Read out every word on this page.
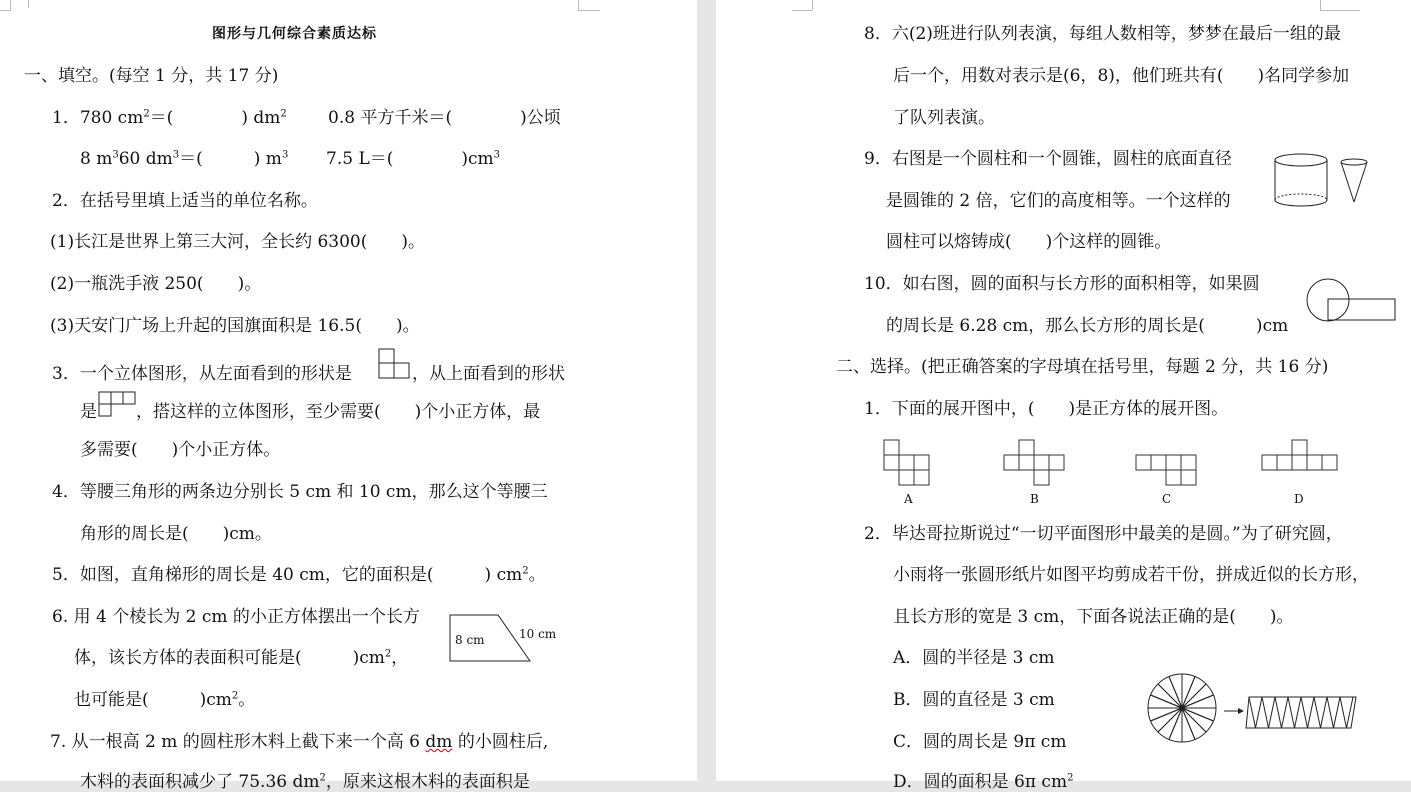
图形与几何综合素质达标
一、填空。(每空 1 分，共 17 分)
1．780 $cm^2=$(　　　　) $dm^2$ 0.8 平方千米＝(　　　　)公顷
8 $m^360$ $dm^3=$(　　　) $m^3$ 7.5 L＝(　　　　)$cm^3$
2．在括号里填上适当的单位名称。
(1)长江是世界上第三大河，全长约 6300(　　)。
(2)一瓶洗手液 250(　　)。
(3)天安门广场上升起的国旗面积是 16.5(　　)。
3．一个立体图形，从左面看到的形状是	，从上面看到的形状
是 ，搭这样的立体图形，至少需要(　　)个小正方体，最
多需要(　　)个小正方体。
4．等腰三角形的两条边分别长 5 cm 和 10 cm，那么这个等腰三
角形的周长是(　　)cm。
5．如图，直角梯形的周长是 40 cm，它的面积是(　　　) $cm^2$。
6. 用 4 个棱长为 2 cm 的小正方体摆出一个长方
体，该长方体的表面积可能是(　　　)$cm^2$，
也可能是(　　　)$cm^2$。
8 cm	10 cm
7. 从一根高 2 m 的圆柱形木料上截下来一个高 6 dm 的小圆柱后,
木料的表面积减少了 75.36 $dm^2$，原来这根木料的表面积是
8．六(2)班进行队列表演，每组人数相等，梦梦在最后一组的最
后一个，用数对表示是(6，8)，他们班共有(　　)名同学参加
了队列表演。
9．右图是一个圆柱和一个圆锥，圆柱的底面直径
是圆锥的 2 倍，它们的高度相等。一个这样的
圆柱可以熔铸成(　　)个这样的圆锥。
10．如右图，圆的面积与长方形的面积相等，如果圆
的周长是 6.28 cm，那么长方形的周长是(　　　)cm
二、选择。(把正确答案的字母填在括号里，每题 2 分，共 16 分)
1．下面的展开图中，(　　)是正方体的展开图。
A	B	C	D
2．毕达哥拉斯说过“一切平面图形中最美的是圆。”为了研究圆，
小雨将一张圆形纸片如图平均剪成若干份，拼成近似的长方形，
且长方形的宽是 3 cm，下面各说法正确的是(　　)。
A．圆的半径是 3 cm
B．圆的直径是 3 cm
C．圆的周长是 9π cm
D．圆的面积是 6π $cm^2$
